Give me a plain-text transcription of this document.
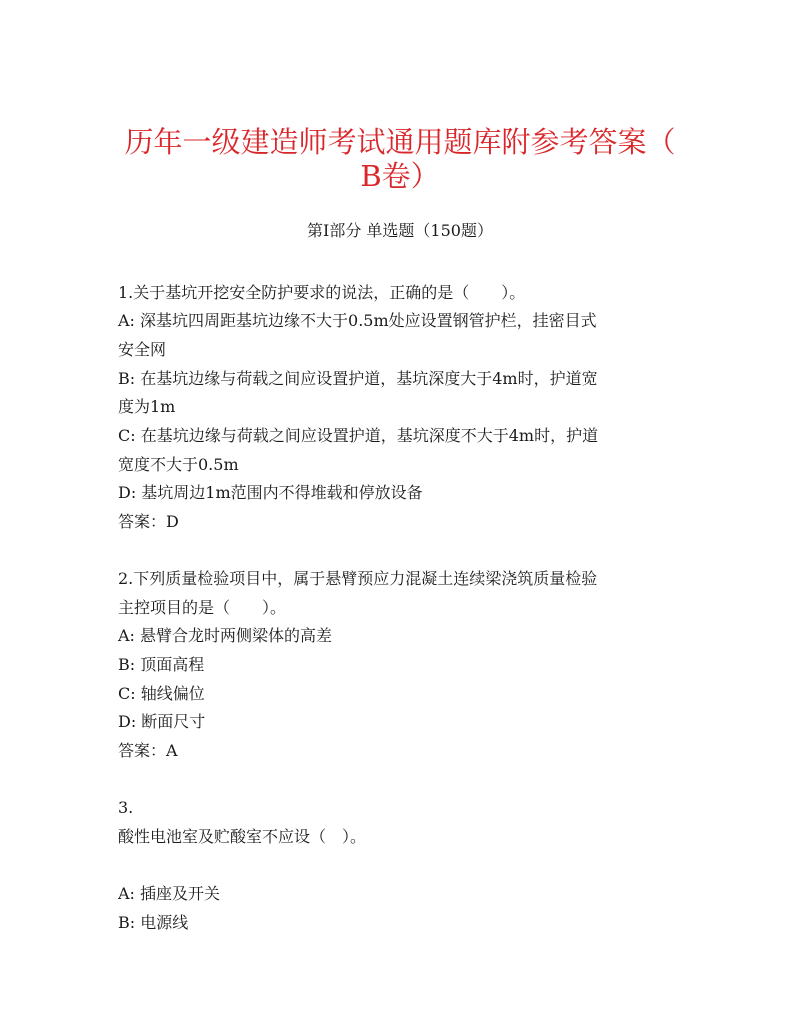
历年一级建造师考试通用题库附参考答案（
B卷）
第I部分 单选题（150题）
1.关于基坑开挖安全防护要求的说法，正确的是（　　）。
A: 深基坑四周距基坑边缘不大于0.5m处应设置钢管护栏，挂密目式
安全网
B: 在基坑边缘与荷载之间应设置护道，基坑深度大于4m时，护道宽
度为1m
C: 在基坑边缘与荷载之间应设置护道，基坑深度不大于4m时，护道
宽度不大于0.5m
D: 基坑周边1m范围内不得堆载和停放设备
答案：D
2.下列质量检验项目中，属于悬臂预应力混凝土连续梁浇筑质量检验
主控项目的是（　　）。
A: 悬臂合龙时两侧梁体的高差
B: 顶面高程
C: 轴线偏位
D: 断面尺寸
答案：A
3.
酸性电池室及贮酸室不应设（　）。
A: 插座及开关
B: 电源线
